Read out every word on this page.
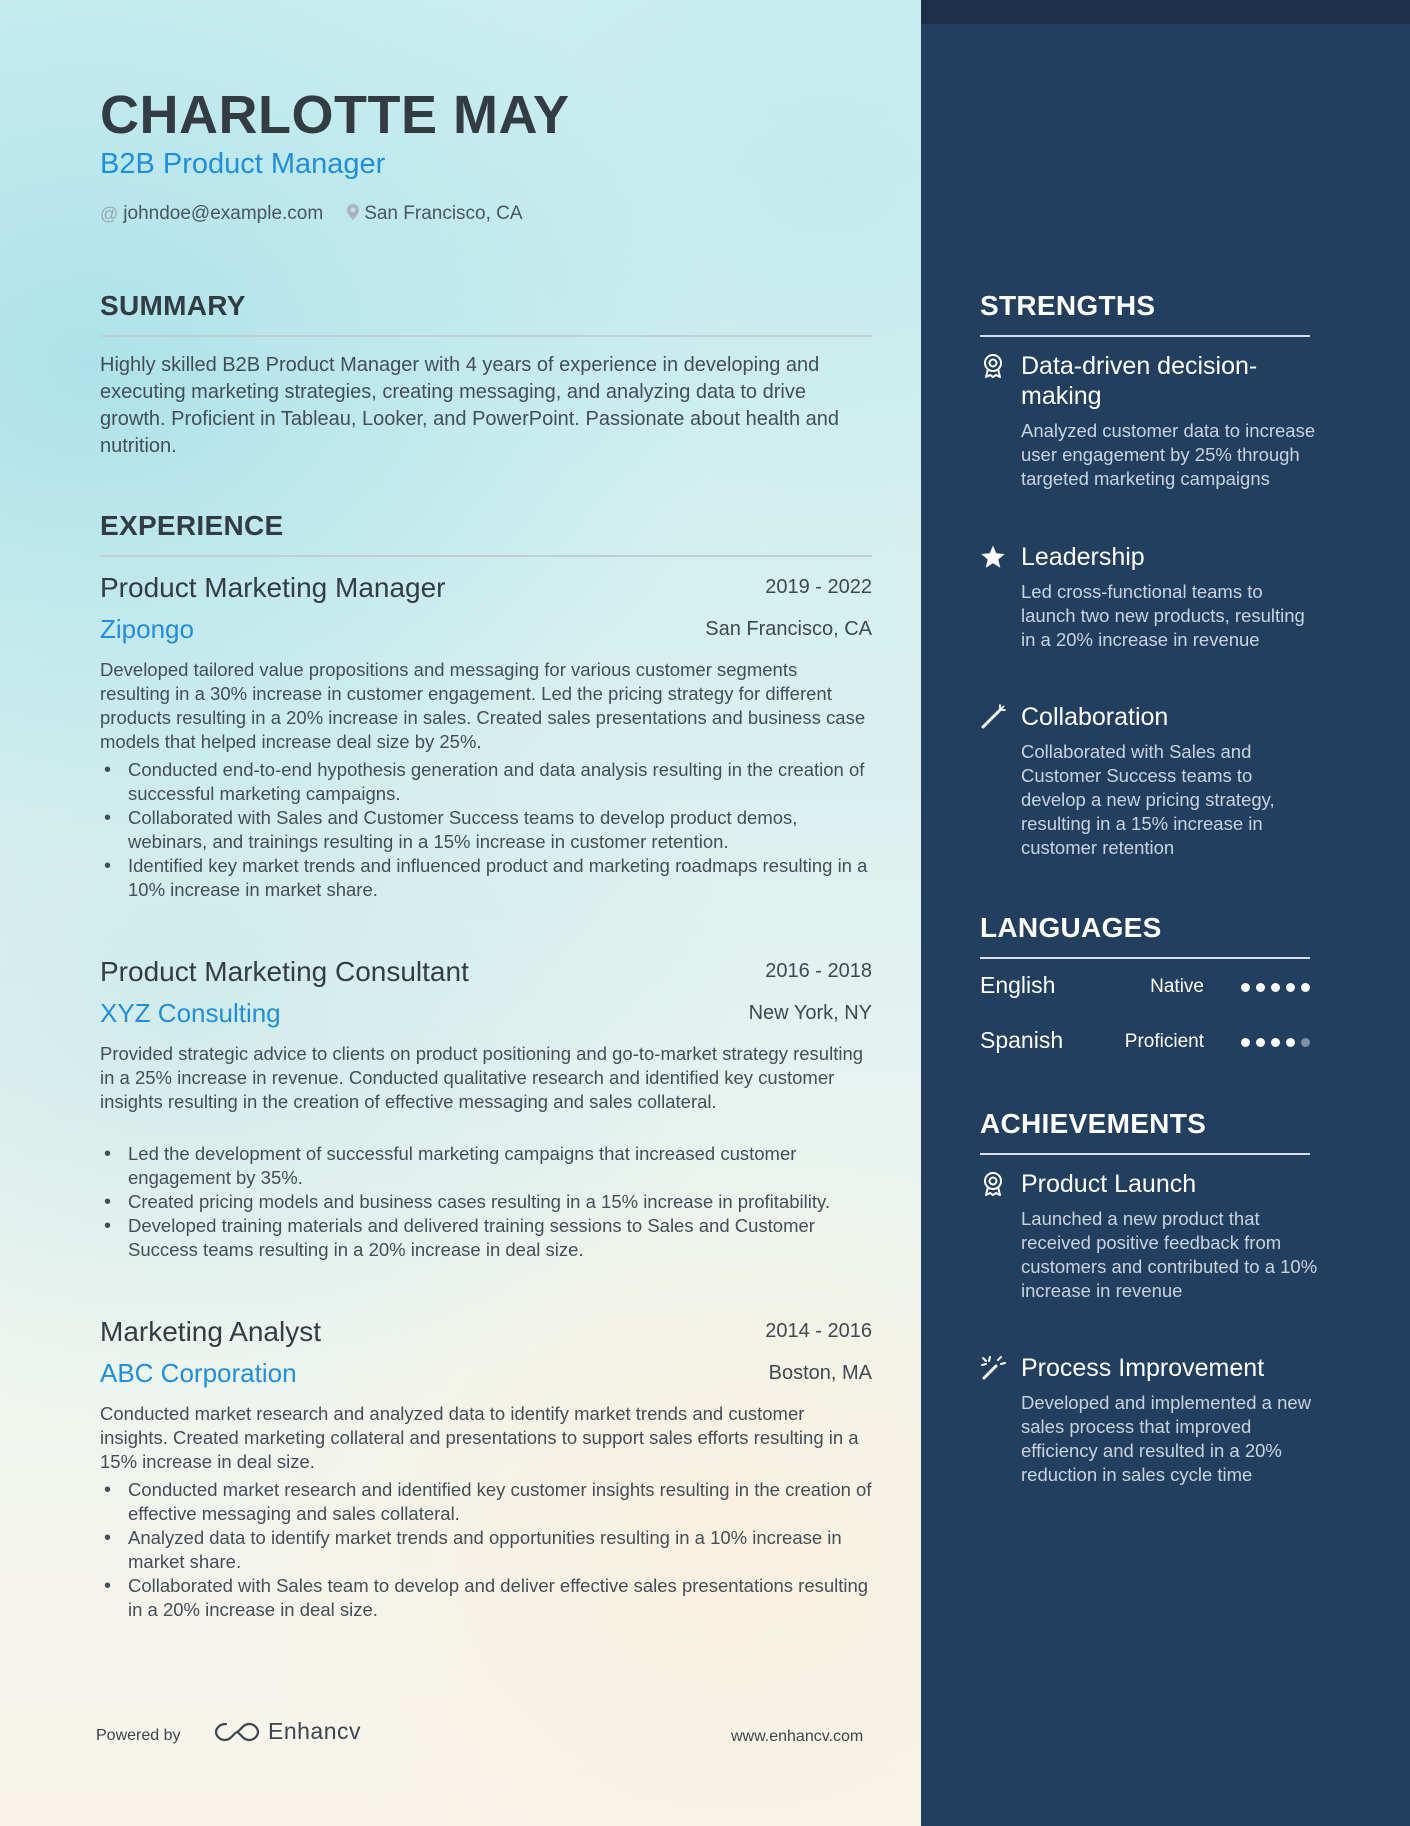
CHARLOTTE MAY
B2B Product Manager
@ johndoe@example.com San Francisco, CA
SUMMARY

Highly skilled B2B Product Manager with 4 years of experience in developing and executing marketing strategies, creating messaging, and analyzing data to drive growth. Proficient in Tableau, Looker, and PowerPoint. Passionate about health and nutrition.

EXPERIENCE
Product Marketing Manager	2019 - 2022
Zipongo	San Francisco, CA

Developed tailored value propositions and messaging for various customer segments resulting in a 30% increase in customer engagement. Led the pricing strategy for different products resulting in a 20% increase in sales. Created sales presentations and business case models that helped increase deal size by 25%.

• Conducted end-to-end hypothesis generation and data analysis resulting in the creation of successful marketing campaigns.
• Collaborated with Sales and Customer Success teams to develop product demos, webinars, and trainings resulting in a 15% increase in customer retention.
• Identified key market trends and influenced product and marketing roadmaps resulting in a 10% increase in market share.
Product Marketing Consultant	2016 - 2018
XYZ Consulting	New York, NY

Provided strategic advice to clients on product positioning and go-to-market strategy resulting in a 25% increase in revenue. Conducted qualitative research and identified key customer insights resulting in the creation of effective messaging and sales collateral.

• Led the development of successful marketing campaigns that increased customer engagement by 35%.
• Created pricing models and business cases resulting in a 15% increase in profitability.
• Developed training materials and delivered training sessions to Sales and Customer Success teams resulting in a 20% increase in deal size.
Marketing Analyst	2014 - 2016
ABC Corporation	Boston, MA

Conducted market research and analyzed data to identify market trends and customer insights. Created marketing collateral and presentations to support sales efforts resulting in a 15% increase in deal size.

• Conducted market research and identified key customer insights resulting in the creation of effective messaging and sales collateral.
• Analyzed data to identify market trends and opportunities resulting in a 10% increase in market share.
• Collaborated with Sales team to develop and deliver effective sales presentations resulting in a 20% increase in deal size.
Powered by	Enhancv	www.enhancv.com
STRENGTHS
Data-driven decision-making

Analyzed customer data to increase user engagement by 25% through targeted marketing campaigns

Leadership

Led cross-functional teams to launch two new products, resulting in a 20% increase in revenue

Collaboration

Collaborated with Sales and Customer Success teams to develop a new pricing strategy, resulting in a 15% increase in customer retention

LANGUAGES
English	Native
Spanish	Proficient
ACHIEVEMENTS
Product Launch

Launched a new product that received positive feedback from customers and contributed to a 10% increase in revenue

Process Improvement

Developed and implemented a new sales process that improved efficiency and resulted in a 20% reduction in sales cycle time
